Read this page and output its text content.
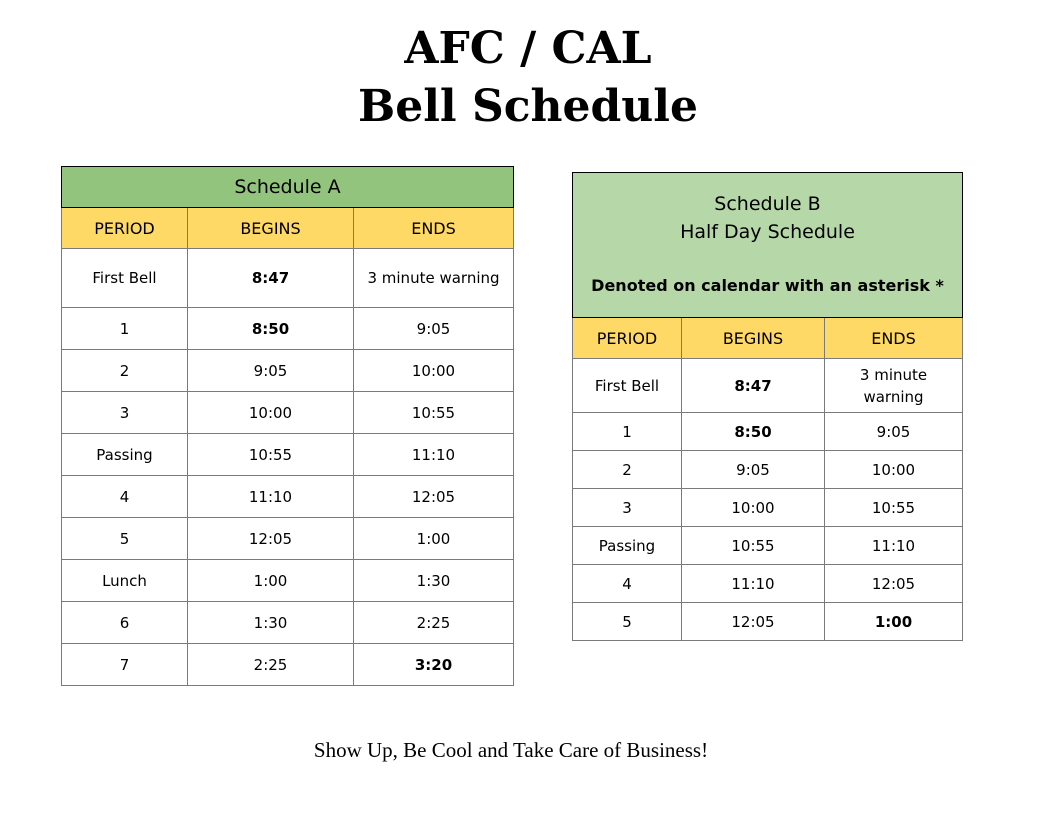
AFC / CAL
Bell Schedule
Schedule A		
PERIOD	BEGINS	ENDS
First Bell	8:47	3 minute warning
1	8:50	9:05
2	9:05	10:00
3	10:00	10:55
Passing	10:55	11:10
4	11:10	12:05
5	12:05	1:00
Lunch	1:00	1:30
6	1:30	2:25
7	2:25	3:20
Schedule B
Half Day Schedule
Denoted on calendar with an asterisk *		

PERIOD	BEGINS	ENDS
First Bell	8:47	3 minute warning
1	8:50	9:05
2	9:05	10:00
3	10:00	10:55
Passing	10:55	11:10
4	11:10	12:05
5	12:05	1:00
Show Up, Be Cool and Take Care of Business!
